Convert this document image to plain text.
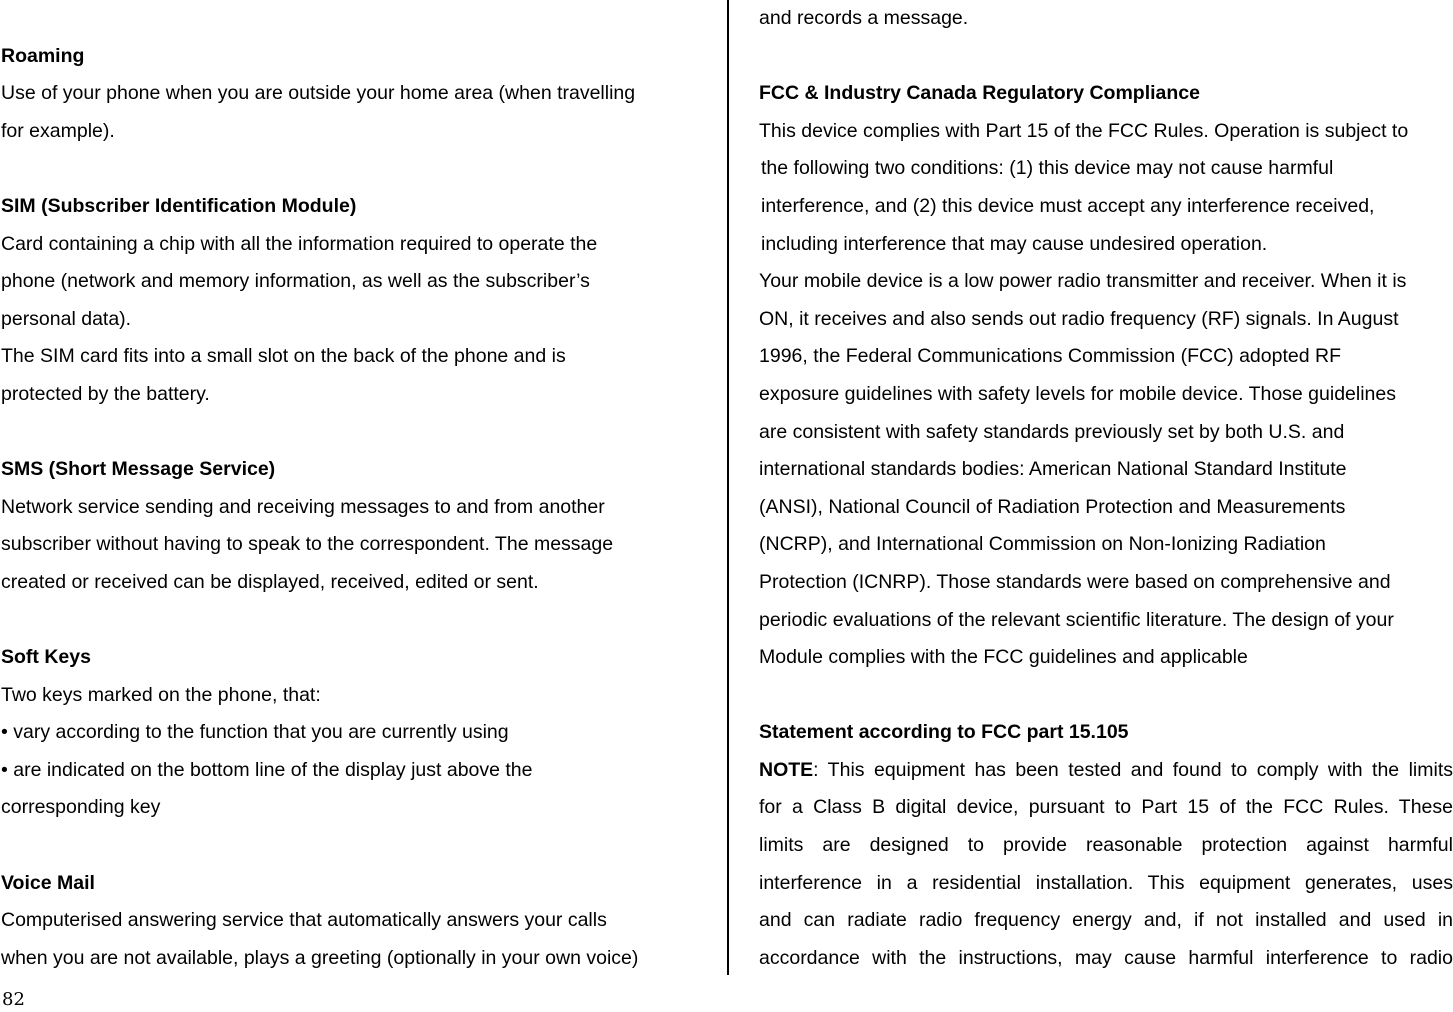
Roaming
Use of your phone when you are outside your home area (when travelling
for example).
SIM (Subscriber Identification Module)
Card containing a chip with all the information required to operate the
phone (network and memory information, as well as the subscriber’s
personal data).
The SIM card fits into a small slot on the back of the phone and is
protected by the battery.
SMS (Short Message Service)
Network service sending and receiving messages to and from another
subscriber without having to speak to the correspondent. The message
created or received can be displayed, received, edited or sent.
Soft Keys
Two keys marked on the phone, that:
• vary according to the function that you are currently using
• are indicated on the bottom line of the display just above the
corresponding key
Voice Mail
Computerised answering service that automatically answers your calls
when you are not available, plays a greeting (optionally in your own voice)
and records a message.
FCC & Industry Canada Regulatory Compliance
This device complies with Part 15 of the FCC Rules. Operation is subject to
the following two conditions: (1) this device may not cause harmful
interference, and (2) this device must accept any interference received,
including interference that may cause undesired operation.
Your mobile device is a low power radio transmitter and receiver. When it is
ON, it receives and also sends out radio frequency (RF) signals. In August
1996, the Federal Communications Commission (FCC) adopted RF
exposure guidelines with safety levels for mobile device. Those guidelines
are consistent with safety standards previously set by both U.S. and
international standards bodies: American National Standard Institute
(ANSI), National Council of Radiation Protection and Measurements
(NCRP), and International Commission on Non-Ionizing Radiation
Protection (ICNRP). Those standards were based on comprehensive and
periodic evaluations of the relevant scientific literature. The design of your
Module complies with the FCC guidelines and applicable
Statement according to FCC part 15.105
NOTE: This equipment has been tested and found to comply with the limits
for a Class B digital device, pursuant to Part 15 of the FCC Rules. These
limits are designed to provide reasonable protection against harmful
interference in a residential installation. This equipment generates, uses
and can radiate radio frequency energy and, if not installed and used in
accordance with the instructions, may cause harmful interference to radio
82
